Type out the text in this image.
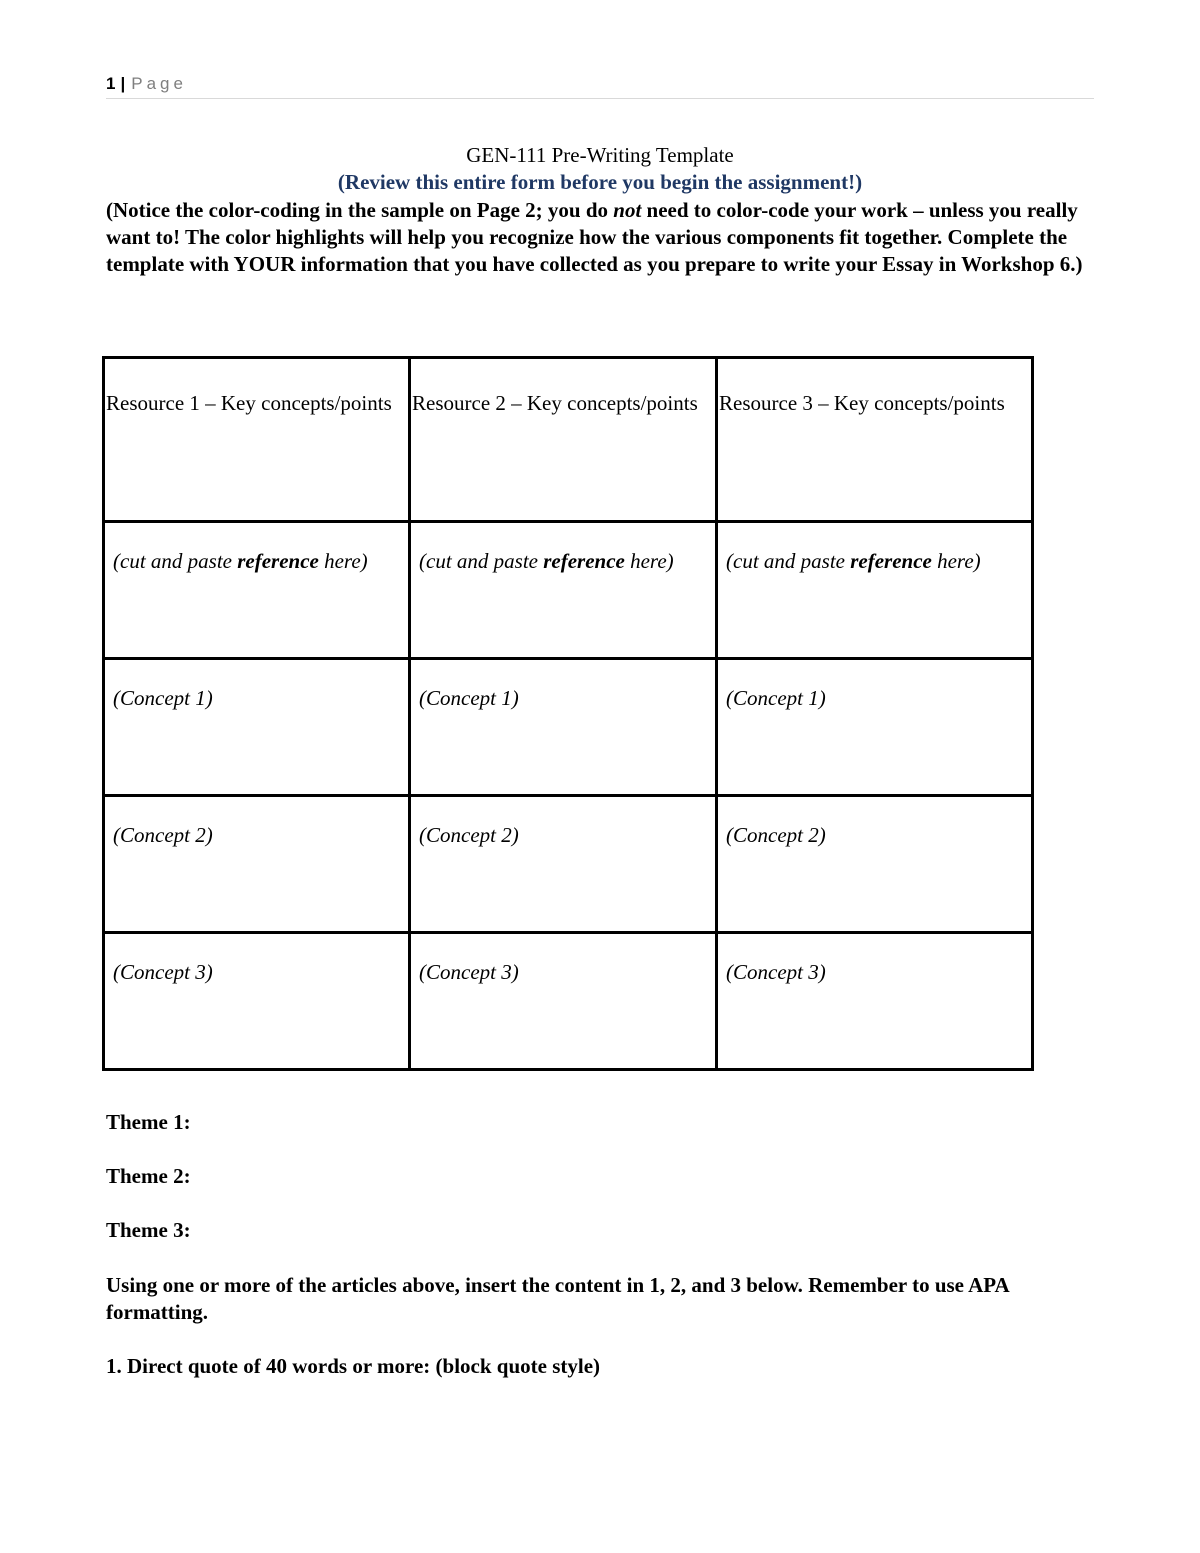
1 | Page
GEN-111 Pre-Writing Template
(Review this entire form before you begin the assignment!)
(Notice the color-coding in the sample on Page 2; you do not need to color-code your work – unless you really want to! The color highlights will help you recognize how the various components fit together. Complete the template with YOUR information that you have collected as you prepare to write your Essay in Workshop 6.)
Resource 1 – Key concepts/points	Resource 2 – Key concepts/points	Resource 3 – Key concepts/points

(cut and paste reference here)	(cut and paste reference here)	(cut and paste reference here)

(Concept 1)	(Concept 1)	(Concept 1)

(Concept 2)	(Concept 2)	(Concept 2)

(Concept 3)	(Concept 3)	(Concept 3)
Theme 1:
Theme 2:
Theme 3:
Using one or more of the articles above, insert the content in 1, 2, and 3 below. Remember to use APA formatting.
1. Direct quote of 40 words or more: (block quote style)
